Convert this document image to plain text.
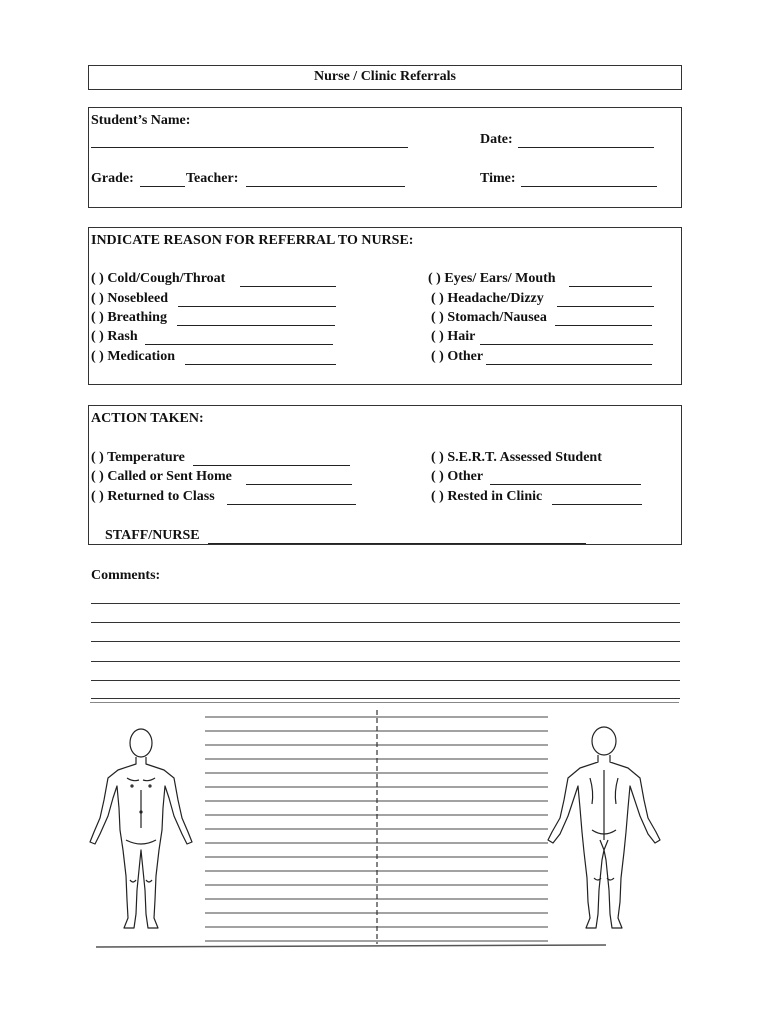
Nurse / Clinic Referrals
Student’s Name:
Date:
Grade:	Teacher:	Time:
INDICATE REASON FOR REFERRAL TO NURSE:
( ) Cold/Cough/Throat
( ) Nosebleed
( ) Breathing
( ) Rash
( ) Medication
( ) Eyes/ Ears/ Mouth
( ) Headache/Dizzy
( ) Stomach/Nausea
( ) Hair
( ) Other
ACTION TAKEN:
( ) Temperature
( ) Called or Sent Home
( ) Returned to Class
( ) S.E.R.T. Assessed Student
( ) Other
( ) Rested in Clinic
STAFF/NURSE
Comments:
